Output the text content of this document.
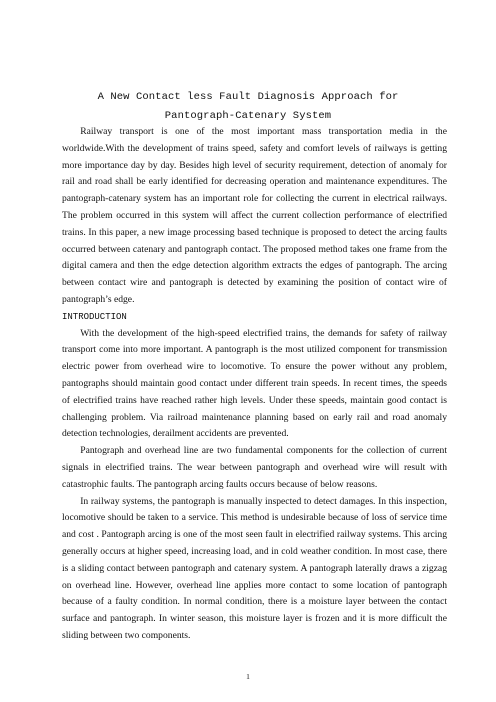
A New Contact less Fault Diagnosis Approach for
Pantograph-Catenary System

Railway transport is one of the most important mass transportation media in the worldwide.With the development of trains speed, safety and comfort levels of railways is getting more importance day by day. Besides high level of security requirement, detection of anomaly for rail and road shall be early identified for decreasing operation and maintenance expenditures. The pantograph-catenary system has an important role for collecting the current in electrical railways. The problem occurred in this system will affect the current collection performance of electrified trains. In this paper, a new image processing based technique is proposed to detect the arcing faults occurred between catenary and pantograph contact. The proposed method takes one frame from the digital camera and then the edge detection algorithm extracts the edges of pantograph. The arcing between contact wire and pantograph is detected by examining the position of contact wire of pantograph’s edge.

INTRODUCTION

With the development of the high-speed electrified trains, the demands for safety of railway transport come into more important. A pantograph is the most utilized component for transmission electric power from overhead wire to locomotive. To ensure the power without any problem, pantographs should maintain good contact under different train speeds. In recent times, the speeds of electrified trains have reached rather high levels. Under these speeds, maintain good contact is challenging problem. Via railroad maintenance planning based on early rail and road anomaly detection technologies, derailment accidents are prevented.

Pantograph and overhead line are two fundamental components for the collection of current signals in electrified trains. The wear between pantograph and overhead wire will result with catastrophic faults. The pantograph arcing faults occurs because of below reasons.

In railway systems, the pantograph is manually inspected to detect damages. In this inspection, locomotive should be taken to a service. This method is undesirable because of loss of service time and cost . Pantograph arcing is one of the most seen fault in electrified railway systems. This arcing generally occurs at higher speed, increasing load, and in cold weather condition. In most case, there is a sliding contact between pantograph and catenary system. A pantograph laterally draws a zigzag on overhead line. However, overhead line applies more contact to some location of pantograph because of a faulty condition. In normal condition, there is a moisture layer between the contact surface and pantograph. In winter season, this moisture layer is frozen and it is more difficult the sliding between two components.

1
